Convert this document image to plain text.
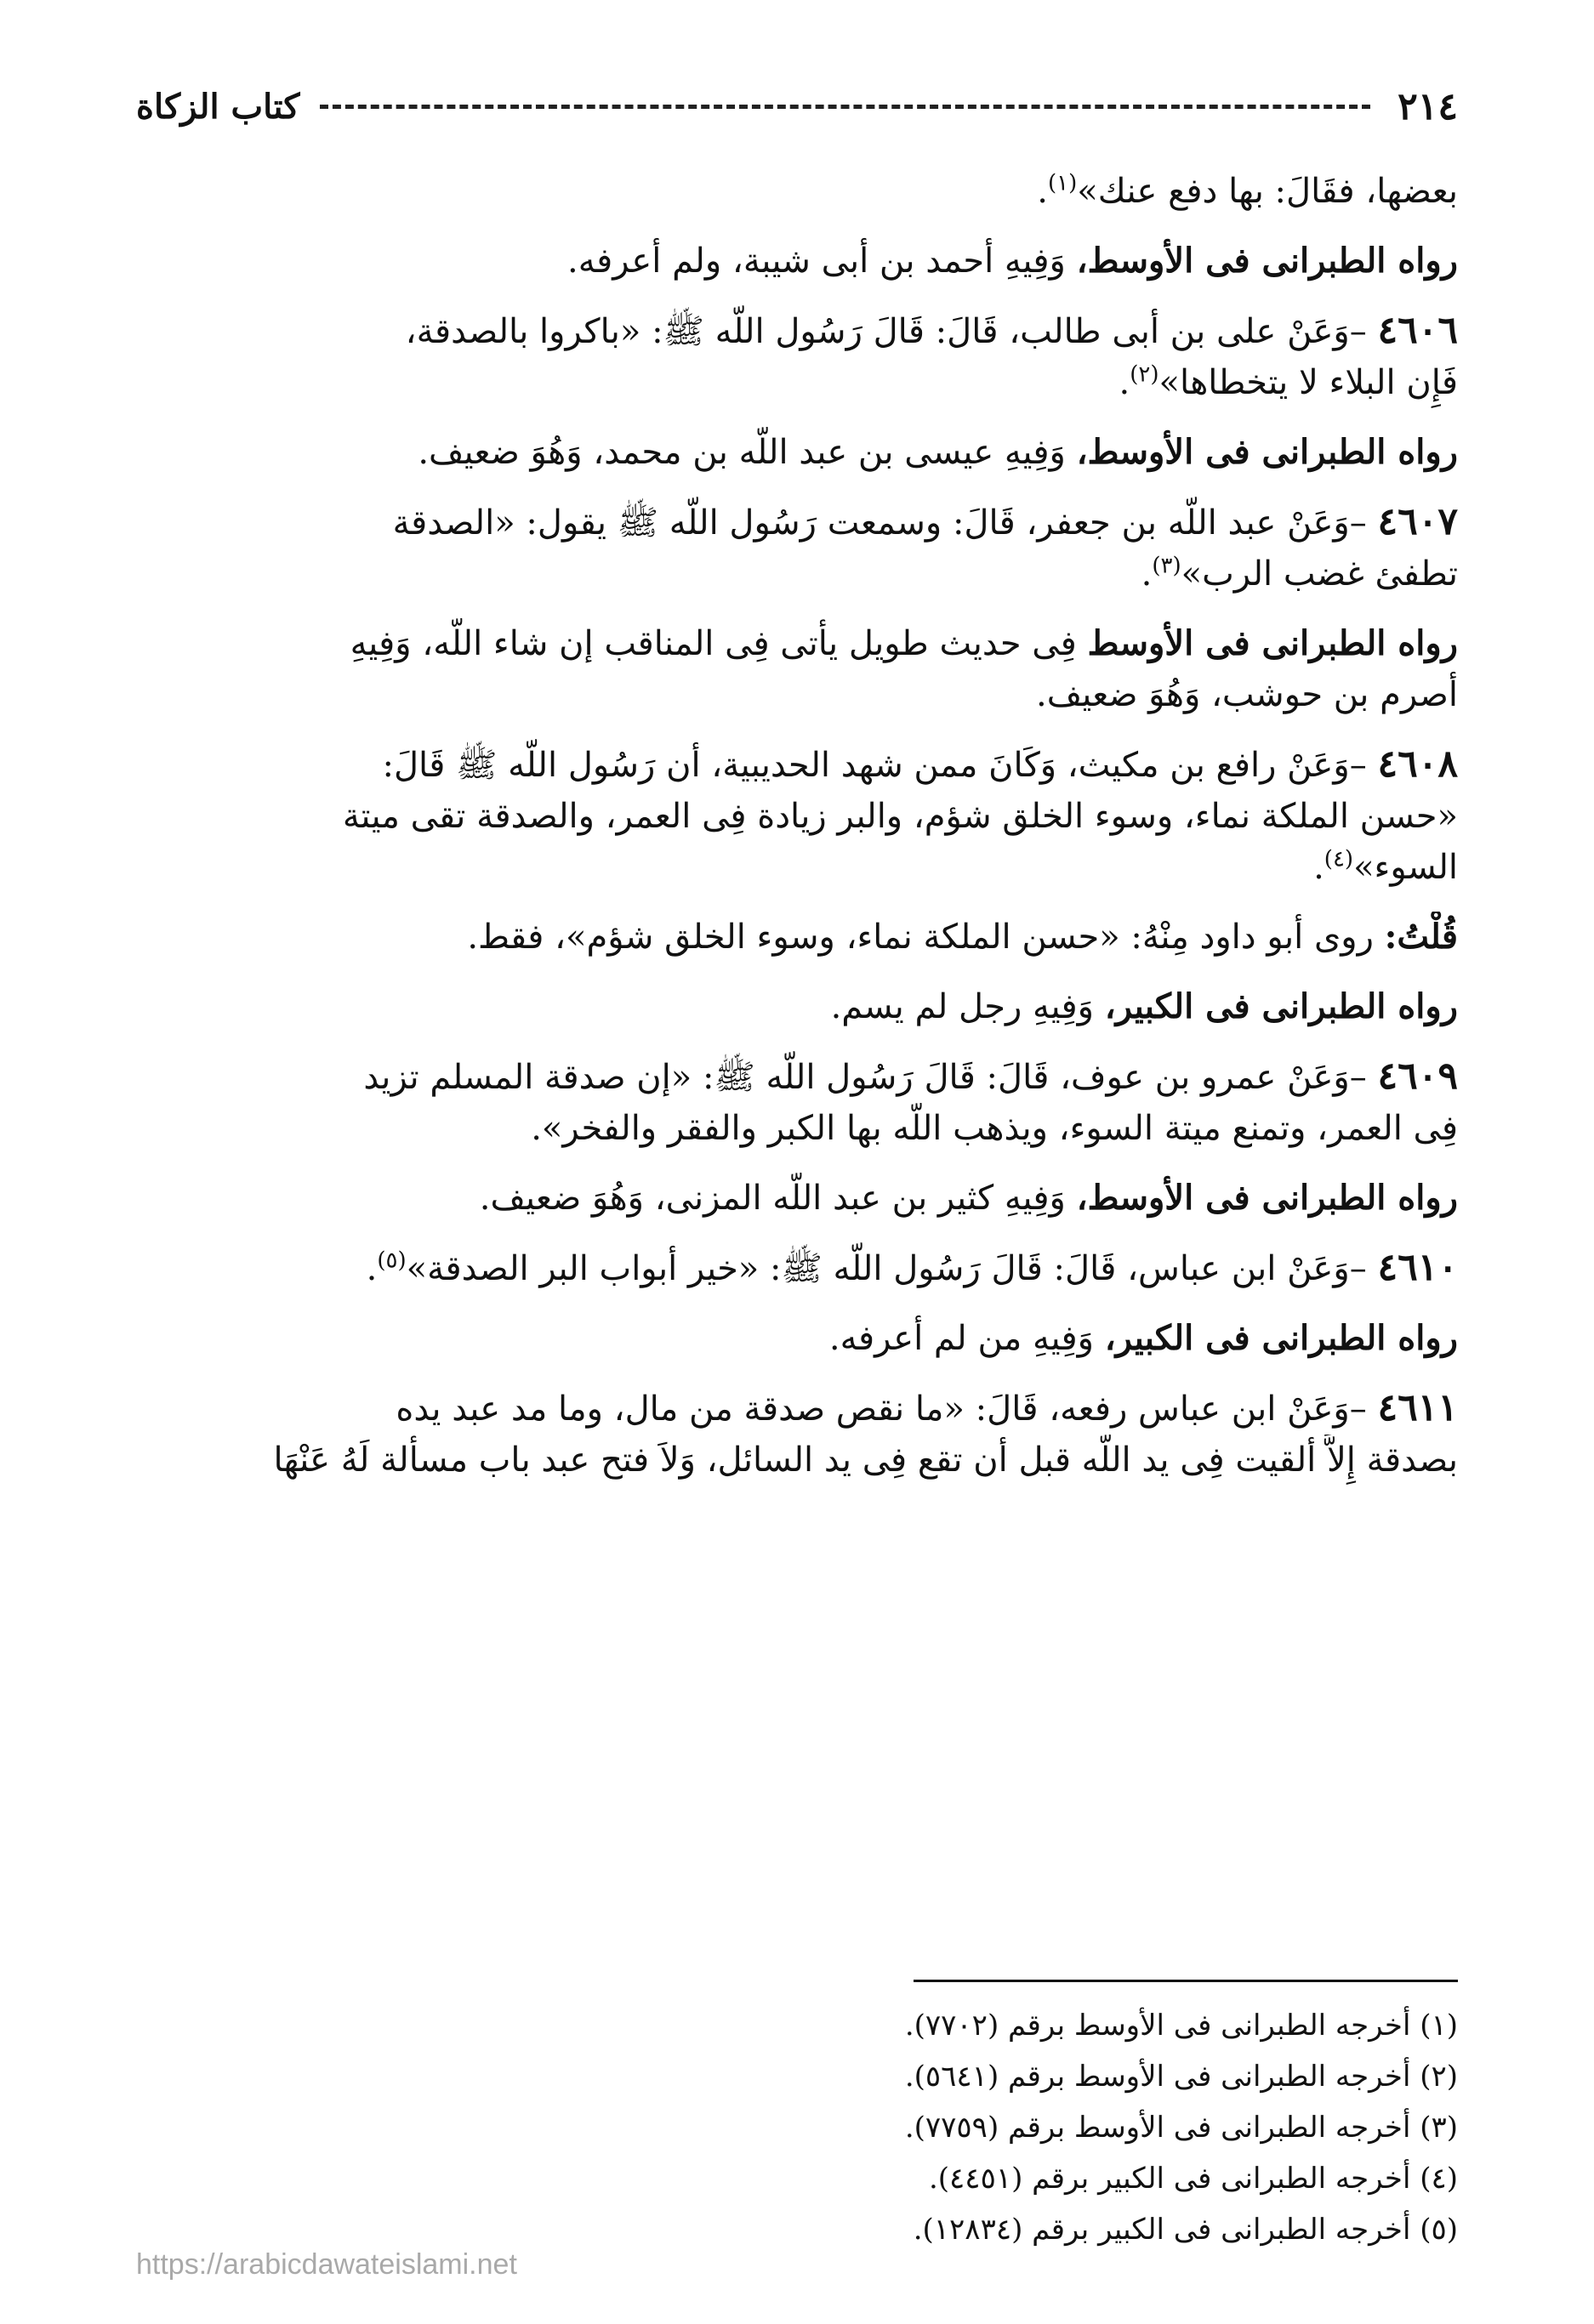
٢١٤
كتاب الزكاة

بعضها، فقَالَ: بها دفع عنك»$^{(١)}$.

رواه الطبرانى فى الأوسط، وَفِيهِ أحمد بن أبى شيبة، ولم أعرفه.

٤٦٠٦ –وَعَنْ على بن أبى طالب، قَالَ: قَالَ رَسُول اللّه ﷺ: «باكروا بالصدقة،

فَإِن البلاء لا يتخطاها»$^{(٢)}$.

رواه الطبرانى فى الأوسط، وَفِيهِ عيسى بن عبد اللّه بن محمد، وَهُوَ ضعيف.

٤٦٠٧ –وَعَنْ عبد اللّه بن جعفر، قَالَ: وسمعت رَسُول اللّه ﷺ يقول: «الصدقة

تطفئ غضب الرب»$^{(٣)}$.

رواه الطبرانى فى الأوسط فِى حديث طويل يأتى فِى المناقب إن شاء اللّه، وَفِيهِ

أصرم بن حوشب، وَهُوَ ضعيف.

٤٦٠٨ –وَعَنْ رافع بن مكيث، وَكَانَ ممن شهد الحديبية، أن رَسُول اللّه ﷺ قَالَ:

«حسن الملكة نماء، وسوء الخلق شؤم، والبر زيادة فِى العمر، والصدقة تقى ميتة

السوء»$^{(٤)}$.

قُلْتُ: روى أبو داود مِنْهُ: «حسن الملكة نماء، وسوء الخلق شؤم»، فقط.

رواه الطبرانى فى الكبير، وَفِيهِ رجل لم يسم.

٤٦٠٩ –وَعَنْ عمرو بن عوف، قَالَ: قَالَ رَسُول اللّه ﷺ: «إن صدقة المسلم تزيد

فِى العمر، وتمنع ميتة السوء، ويذهب اللّه بها الكبر والفقر والفخر».

رواه الطبرانى فى الأوسط، وَفِيهِ كثير بن عبد اللّه المزنى، وَهُوَ ضعيف.

٤٦١٠ –وَعَنْ ابن عباس، قَالَ: قَالَ رَسُول اللّه ﷺ: «خير أبواب البر الصدقة»$^{(٥)}$.

رواه الطبرانى فى الكبير، وَفِيهِ من لم أعرفه.

٤٦١١ –وَعَنْ ابن عباس رفعه، قَالَ: «ما نقص صدقة من مال، وما مد عبد يده

بصدقة إِلاَّ ألقيت فِى يد اللّه قبل أن تقع فِى يد السائل، وَلاَ فتح عبد باب مسألة لَهُ عَنْهَا

(١) أخرجه الطبرانى فى الأوسط برقم (٧٧٠٢).

(٢) أخرجه الطبرانى فى الأوسط برقم (٥٦٤١).

(٣) أخرجه الطبرانى فى الأوسط برقم (٧٧٥٩).

(٤) أخرجه الطبرانى فى الكبير برقم (٤٤٥١).

(٥) أخرجه الطبرانى فى الكبير برقم (١٢٨٣٤).

https://arabicdawateislami.net
